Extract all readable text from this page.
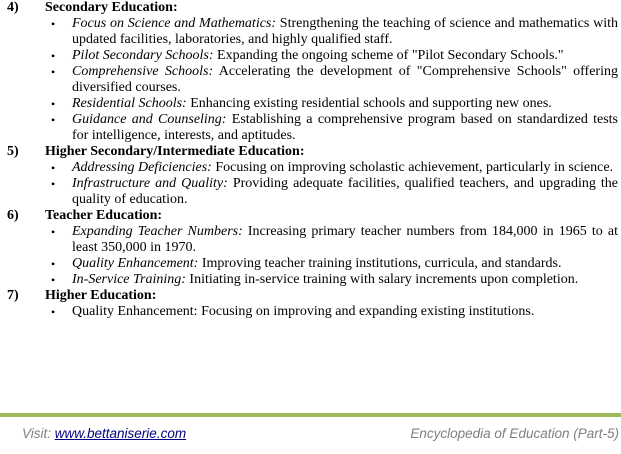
4) Secondary Education:
• Focus on Science and Mathematics: Strengthening the teaching of science and mathematics with updated facilities, laboratories, and highly qualified staff.
• Pilot Secondary Schools: Expanding the ongoing scheme of "Pilot Secondary Schools."
• Comprehensive Schools: Accelerating the development of "Comprehensive Schools" offering diversified courses.
• Residential Schools: Enhancing existing residential schools and supporting new ones.
• Guidance and Counseling: Establishing a comprehensive program based on standardized tests for intelligence, interests, and aptitudes.
5) Higher Secondary/Intermediate Education:
• Addressing Deficiencies: Focusing on improving scholastic achievement, particularly in science.
• Infrastructure and Quality: Providing adequate facilities, qualified teachers, and upgrading the quality of education.
6) Teacher Education:
• Expanding Teacher Numbers: Increasing primary teacher numbers from 184,000 in 1965 to at least 350,000 in 1970.
• Quality Enhancement: Improving teacher training institutions, curricula, and standards.
• In-Service Training: Initiating in-service training with salary increments upon completion.
7) Higher Education:
• Quality Enhancement: Focusing on improving and expanding existing institutions.
Visit: www.bettaniserie.com	Encyclopedia of Education (Part-5)
